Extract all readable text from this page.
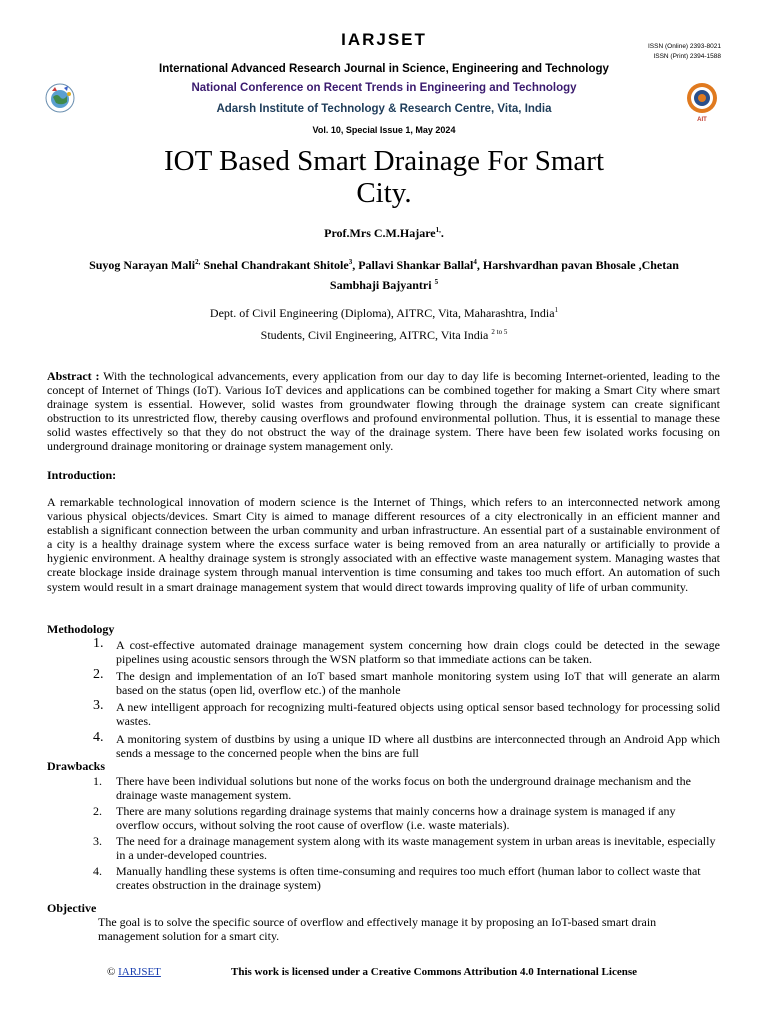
IARJSET	ISSN (Online) 2393-8021
ISSN (Print) 2394-1588
International Advanced Research Journal in Science, Engineering and Technology
National Conference on Recent Trends in Engineering and Technology
Adarsh Institute of Technology & Research Centre, Vita, India
Vol. 10, Special Issue 1, May 2024
AIT
IOT Based Smart Drainage For Smart
City.
Prof.Mrs C.M.Hajare$^{1,}$.
Suyog Narayan Mali$^{2,}$ Snehal Chandrakant Shitole$^3$, Pallavi Shankar Ballal$^4$, Harshvardhan pavan Bhosale ,Chetan
Sambhaji Bajyantri $^5$
Dept. of Civil Engineering (Diploma), AITRC, Vita, Maharashtra, India$^1$
Students, Civil Engineering, AITRC, Vita India $^{2 to 5}$
Abstract : With the technological advancements, every application from our day to day life is becoming Internet-oriented, leading to the concept of Internet of Things (IoT). Various IoT devices and applications can be combined together for making a Smart City where smart drainage system is essential. However, solid wastes from groundwater flowing through the drainage system can create significant obstruction to its unrestricted flow, thereby causing overflows and profound environmental pollution. Thus, it is essential to manage these solid wastes effectively so that they do not obstruct the way of the drainage system. There have been few isolated works focusing on underground drainage monitoring or drainage system management only.
Introduction:
A remarkable technological innovation of modern science is the Internet of Things, which refers to an interconnected network among various physical objects/devices. Smart City is aimed to manage different resources of a city electronically in an efficient manner and establish a significant connection between the urban community and urban infrastructure. An essential part of a sustainable environment of a city is a healthy drainage system where the excess surface water is being removed from an area naturally or artificially to provide a hygienic environment. A healthy drainage system is strongly associated with an effective waste management system. Managing wastes that create blockage inside drainage system through manual intervention is time consuming and takes too much effort. An automation of such system would result in a smart drainage management system that would direct towards improving quality of life of urban community.
Methodology
1. A cost-effective automated drainage management system concerning how drain clogs could be detected in the sewage pipelines using acoustic sensors through the WSN platform so that immediate actions can be taken.
2. The design and implementation of an IoT based smart manhole monitoring system using IoT that will generate an alarm based on the status (open lid, overflow etc.) of the manhole
3. A new intelligent approach for recognizing multi-featured objects using optical sensor based technology for processing solid wastes.
4. A monitoring system of dustbins by using a unique ID where all dustbins are interconnected through an Android App which sends a message to the concerned people when the bins are full
Drawbacks
1. There have been individual solutions but none of the works focus on both the underground drainage mechanism and the drainage waste management system.
2. There are many solutions regarding drainage systems that mainly concerns how a drainage system is managed if any overflow occurs, without solving the root cause of overflow (i.e. waste materials).
3. The need for a drainage management system along with its waste management system in urban areas is inevitable, especially in a under-developed countries.
4. Manually handling these systems is often time-consuming and requires too much effort (human labor to collect waste that creates obstruction in the drainage system)
Objective
The goal is to solve the specific source of overflow and effectively manage it by proposing an IoT-based smart drain management solution for a smart city.
© IARJSET	This work is licensed under a Creative Commons Attribution 4.0 International License
